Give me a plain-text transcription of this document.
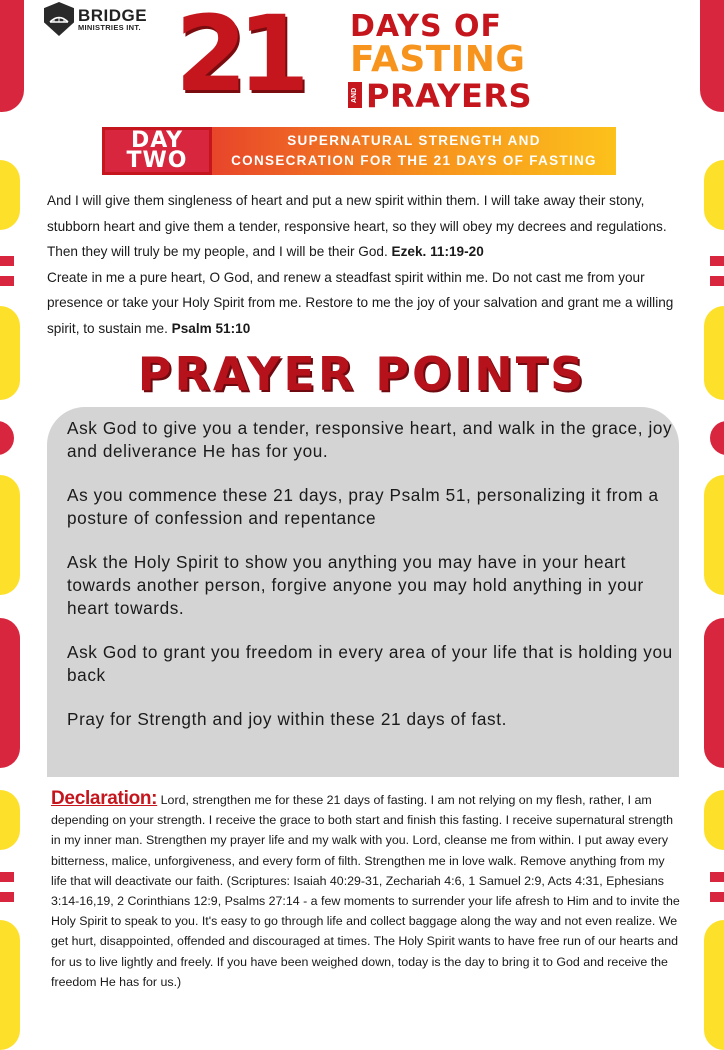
BRIDGE
MINISTRIES INT. 21 DAYS OF
FASTING
AND PRAYERS
DAY
TWO
SUPERNATURAL STRENGTH AND
CONSECRATION FOR THE 21 DAYS OF FASTING
And I will give them singleness of heart and put a new spirit within them. I will take away their stony, stubborn heart and give them a tender, responsive heart, so they will obey my decrees and regulations. Then they will truly be my people, and I will be their God. Ezek. 11:19-20
Create in me a pure heart, O God, and renew a steadfast spirit within me. Do not cast me from your presence or take your Holy Spirit from me. Restore to me the joy of your salvation and grant me a willing spirit, to sustain me. Psalm 51:10
PRAYER POINTS

Ask God to give you a tender, responsive heart, and walk in the grace, joy and deliverance He has for you.

As you commence these 21 days, pray Psalm 51, personalizing it from a posture of confession and repentance

Ask the Holy Spirit to show you anything you may have in your heart towards another person, forgive anyone you may hold anything in your heart towards.

Ask God to grant you freedom in every area of your life that is holding you back

Pray for Strength and joy within these 21 days of fast.

Declaration: Lord, strengthen me for these 21 days of fasting. I am not relying on my flesh, rather, I am depending on your strength. I receive the grace to both start and finish this fasting. I receive supernatural strength in my inner man. Strengthen my prayer life and my walk with you. Lord, cleanse me from within. I put away every bitterness, malice, unforgiveness, and every form of filth. Strengthen me in love walk. Remove anything from my life that will deactivate our faith. (Scriptures: Isaiah 40:29-31, Zechariah 4:6, 1 Samuel 2:9, Acts 4:31, Ephesians 3:14-16,19, 2 Corinthians 12:9, Psalms 27:14 - a few moments to surrender your life afresh to Him and to invite the Holy Spirit to speak to you. It's easy to go through life and collect baggage along the way and not even realize. We get hurt, disappointed, offended and discouraged at times. The Holy Spirit wants to have free run of our hearts and for us to live lightly and freely. If you have been weighed down, today is the day to bring it to God and receive the freedom He has for us.)
